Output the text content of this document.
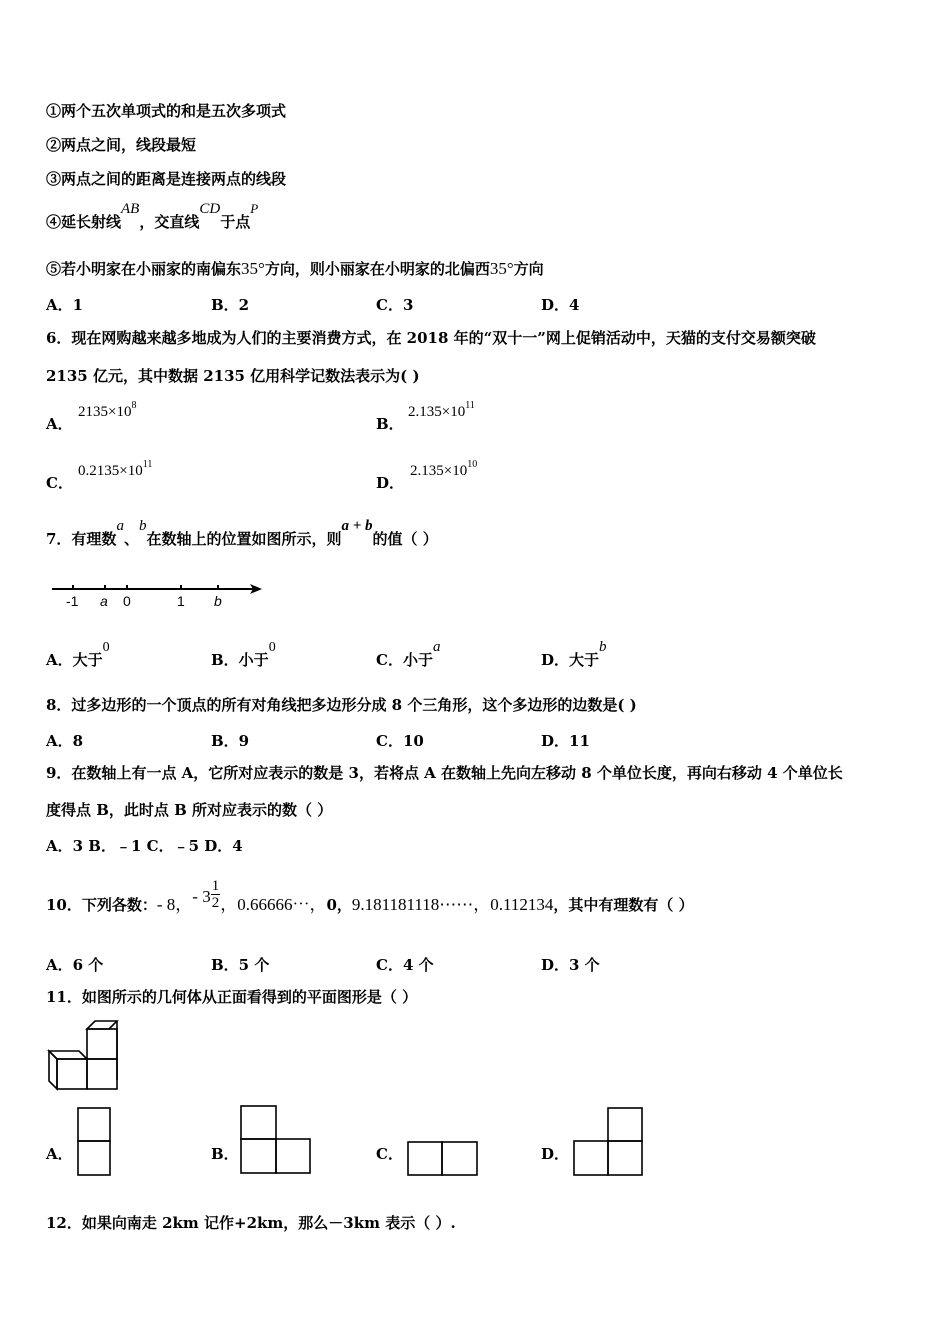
①两个五次单项式的和是五次多项式
②两点之间，线段最短
③两点之间的距离是连接两点的线段
④延长射线AB，交直线CD于点P
⑤若小明家在小丽家的南偏东35°方向，则小丽家在小明家的北偏西35°方向
A．1	B．2	C．3	D．4
6．现在网购越来越多地成为人们的主要消费方式，在 2018 年的“双十一”网上促销活动中，天猫的支付交易额突破
2135 亿元，其中数据 2135 亿用科学记数法表示为( )
A．
$2135\times 10^8$
B．
$2.135\times 10^{11}$
C．
$0.2135\times 10^{11}$
D．
$2.135\times 10^{10}$
7．有理数a、b在数轴上的位置如图所示，则a + b的值（ ）
-1 a 0	1 b
A．大于0
B．小于0
C．小于a
D．大于b
8．过多边形的一个顶点的所有对角线把多边形分成 8 个三角形，这个多边形的边数是( )
A．8	B．9	C．10	D．11
9．在数轴上有一点 A，它所对应表示的数是 3，若将点 A 在数轴上先向左移动 8 个单位长度，再向右移动 4 个单位长
度得点 B，此时点 B 所对应表示的数（ ）
A．3 B．﹣1 C．﹣5 D．4
10．下列各数：- 8，- $3 \frac{1}{2}$ ，0.66666⋯，0，9.181181118⋯⋯，0.112134，其中有理数有（ ）
A．6 个	B．5 个	C．4 个	D．3 个
11．如图所示的几何体从正面看得到的平面图形是（ ）
A．	B．	C．	D．
12．如果向南走 2km 记作+2km，那么－3km 表示（ ）.
